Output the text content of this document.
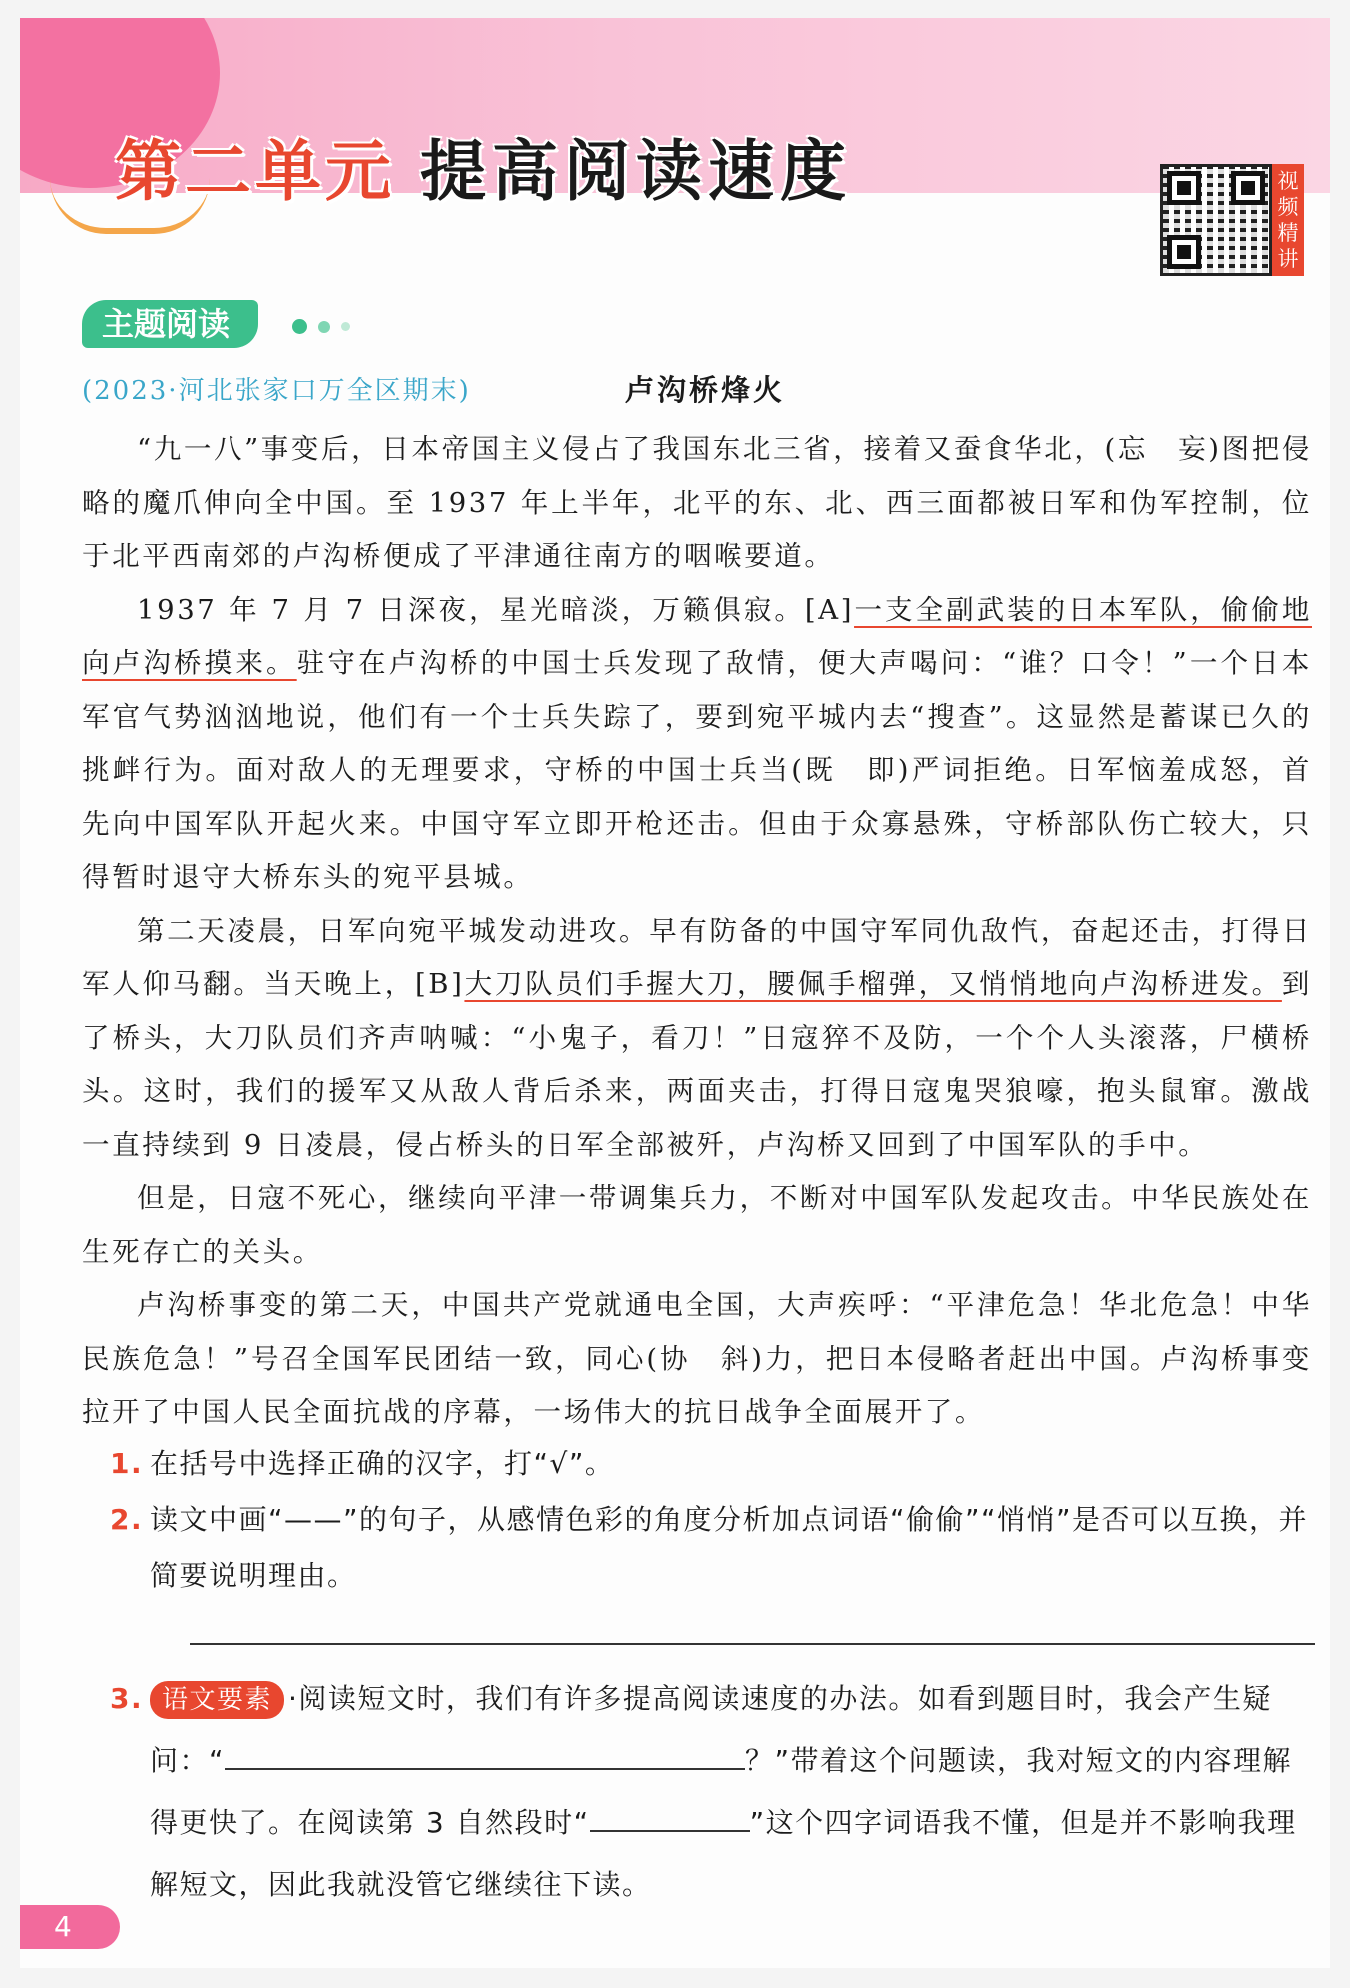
第二单元 提高阅读速度	视频精讲
主题阅读

(2023·河北张家口万全区期末)	卢沟桥烽火

“九一八”事变后，日本帝国主义侵占了我国东北三省，接着又蚕食华北，(忘　妄)图把侵略的魔爪伸向全中国。至 1937 年上半年，北平的东、北、西三面都被日军和伪军控制，位于北平西南郊的卢沟桥便成了平津通往南方的咽喉要道。

1937 年 7 月 7 日深夜，星光暗淡，万籁俱寂。[A]一支全副武装的日本军队，偷偷地向卢沟桥摸来。驻守在卢沟桥的中国士兵发现了敌情，便大声喝问：“谁？口令！”一个日本军官气势汹汹地说，他们有一个士兵失踪了，要到宛平城内去“搜查”。这显然是蓄谋已久的挑衅行为。面对敌人的无理要求，守桥的中国士兵当(既　即)严词拒绝。日军恼羞成怒，首先向中国军队开起火来。中国守军立即开枪还击。但由于众寡悬殊，守桥部队伤亡较大，只得暂时退守大桥东头的宛平县城。

第二天凌晨，日军向宛平城发动进攻。早有防备的中国守军同仇敌忾，奋起还击，打得日军人仰马翻。当天晚上，[B]大刀队员们手握大刀，腰佩手榴弹，又悄悄地向卢沟桥进发。到了桥头，大刀队员们齐声呐喊：“小鬼子，看刀！”日寇猝不及防，一个个人头滚落，尸横桥头。这时，我们的援军又从敌人背后杀来，两面夹击，打得日寇鬼哭狼嚎，抱头鼠窜。激战一直持续到 9 日凌晨，侵占桥头的日军全部被歼，卢沟桥又回到了中国军队的手中。

但是，日寇不死心，继续向平津一带调集兵力，不断对中国军队发起攻击。中华民族处在生死存亡的关头。

卢沟桥事变的第二天，中国共产党就通电全国，大声疾呼：“平津危急！华北危急！中华民族危急！”号召全国军民团结一致，同心(协　斜)力，把日本侵略者赶出中国。卢沟桥事变拉开了中国人民全面抗战的序幕，一场伟大的抗日战争全面展开了。

1. 在括号中选择正确的汉字，打“√”。
2. 读文中画“——”的句子，从感情色彩的角度分析加点词语“偷偷”“悄悄”是否可以互换，并简要说明理由。
3. 语文要素 ·阅读短文时，我们有许多提高阅读速度的办法。如看到题目时，我会产生疑问：“	？”带着这个问题读，我对短文的内容理解得更快了。在阅读第 3 自然段时“	”这个四字词语我不懂，但是并不影响我理解短文，因此我就没管它继续往下读。
4
